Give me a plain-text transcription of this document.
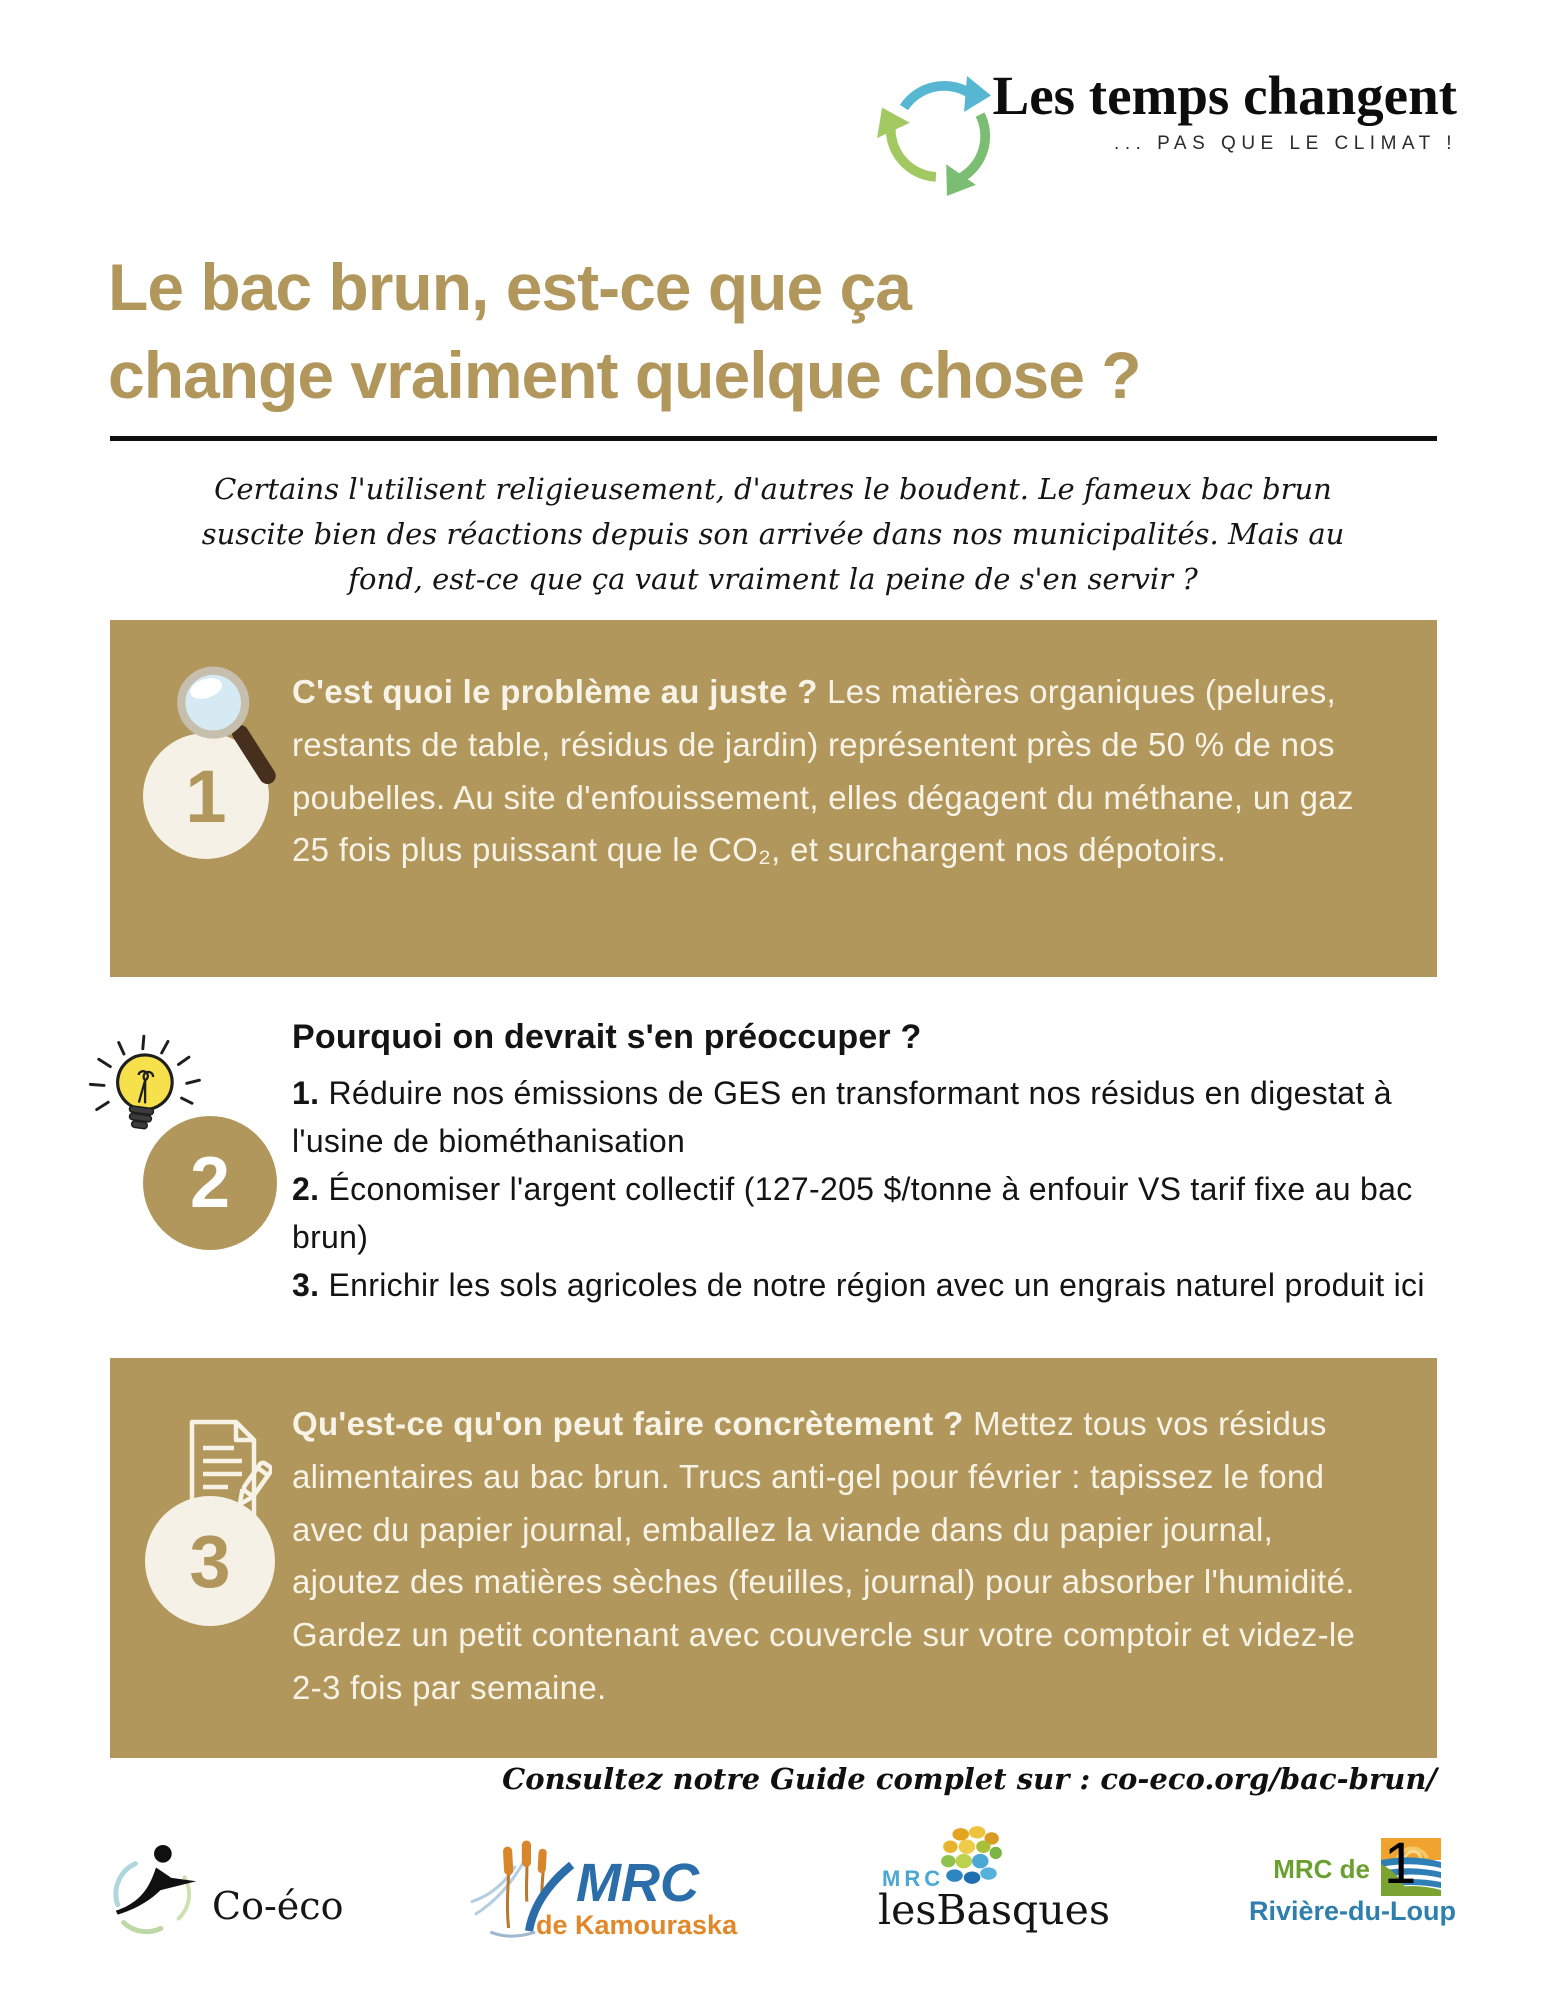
Les temps changent
... PAS QUE LE CLIMAT !
Le bac brun, est-ce que ça
change vraiment quelque chose ?
Certains l'utilisent religieusement, d'autres le boudent. Le fameux bac brun suscite bien des réactions depuis son arrivée dans nos municipalités. Mais au fond, est-ce que ça vaut vraiment la peine de s'en servir ?

C'est quoi le problème au juste ? Les matières organiques (pelures, restants de table, résidus de jardin) représentent près de 50 % de nos poubelles. Au site d'enfouissement, elles dégagent du méthane, un gaz 25 fois plus puissant que le CO₂, et surchargent nos dépotoirs.

1
2
Pourquoi on devrait s'en préoccuper ?
1. Réduire nos émissions de GES en transformant nos résidus en digestat à l'usine de biométhanisation
2. Économiser l'argent collectif (127-205 $/tonne à enfouir VS tarif fixe au bac brun)
3. Enrichir les sols agricoles de notre région avec un engrais naturel produit ici

Qu'est-ce qu'on peut faire concrètement ? Mettez tous vos résidus alimentaires au bac brun. Trucs anti-gel pour février : tapissez le fond avec du papier journal, emballez la viande dans du papier journal, ajoutez des matières sèches (feuilles, journal) pour absorber l'humidité. Gardez un petit contenant avec couvercle sur votre comptoir et videz-le 2-3 fois par semaine.

3
Consultez notre Guide complet sur : co-eco.org/bac-brun/
Co-éco	MRC
de Kamouraska
MRC
lesBasques
MRC de
Rivière-du-Loup
1
